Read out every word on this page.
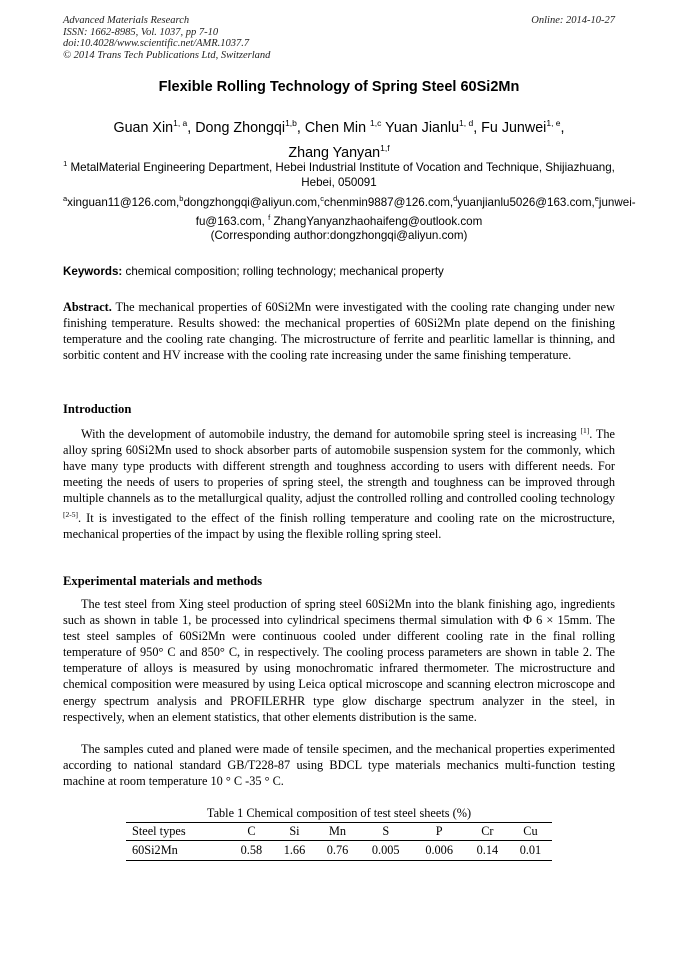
Advanced Materials Research
ISSN: 1662-8985, Vol. 1037, pp 7-10
doi:10.4028/www.scientific.net/AMR.1037.7
© 2014 Trans Tech Publications Ltd, Switzerland
Online: 2014-10-27
Flexible Rolling Technology of Spring Steel 60Si2Mn
Guan Xin$^{1, a}$, Dong Zhongqi$^{1,b}$, Chen Min $^{1,c}$ Yuan Jianlu$^{1, d}$, Fu Junwei$^{1, e}$,
Zhang Yanyan$^{1,f}$
$^1$ MetalMaterial Engineering Department, Hebei Industrial Institute of Vocation and Technique, Shijiazhuang, Hebei, 050091
$^a$xinguan11@126.com,$^b$dongzhongqi@aliyun.com,$^c$chenmin9887@126.com,$^d$yuanjianlu5026@163.com,$^e$junwei-fu@163.com, $^f$ ZhangYanyanzhaohaifeng@outlook.com
(Corresponding author:dongzhongqi@aliyun.com)
Keywords: chemical composition; rolling technology; mechanical property
Abstract. The mechanical properties of 60Si2Mn were investigated with the cooling rate changing under new finishing temperature. Results showed: the mechanical properties of 60Si2Mn plate depend on the finishing temperature and the cooling rate changing. The microstructure of ferrite and pearlitic lamellar is thinning, and sorbitic content and HV increase with the cooling rate increasing under the same finishing temperature.
Introduction
With the development of automobile industry, the demand for automobile spring steel is increasing [1]. The alloy spring 60Si2Mn used to shock absorber parts of automobile suspension system for the commonly, which have many type products with different strength and toughness according to users with different needs. For meeting the needs of users to properies of spring steel, the strength and toughness can be improved through multiple channels as to the metallurgical quality, adjust the controlled rolling and controlled cooling technology [2-5]. It is investigated to the effect of the finish rolling temperature and cooling rate on the microstructure, mechanical properties of the impact by using the flexible rolling spring steel.
Experimental materials and methods
The test steel from Xing steel production of spring steel 60Si2Mn into the blank finishing ago, ingredients such as shown in table 1, be processed into cylindrical specimens thermal simulation with Φ 6 × 15mm. The test steel samples of 60Si2Mn were continuous cooled under different cooling rate in the final rolling temperature of 950° C and 850° C, in respectively. The cooling process parameters are shown in table 2. The temperature of alloys is measured by using monochromatic infrared thermometer. The microstructure and chemical composition were measured by using Leica optical microscope and scanning electron microscope and energy spectrum analysis and PROFILERHR type glow discharge spectrum analyzer in the steel, in respectively, when an element statistics, that other elements distribution is the same.
The samples cuted and planed were made of tensile specimen, and the mechanical properties experimented according to national standard GB/T228-87 using BDCL type materials mechanics multi-function testing machine at room temperature 10 ° C -35 ° C.
Table 1 Chemical composition of test steel sheets (%)
Steel types	C	Si	Mn	S	P	Cr	Cu
60Si2Mn	0.58	1.66	0.76	0.005	0.006	0.14	0.01
